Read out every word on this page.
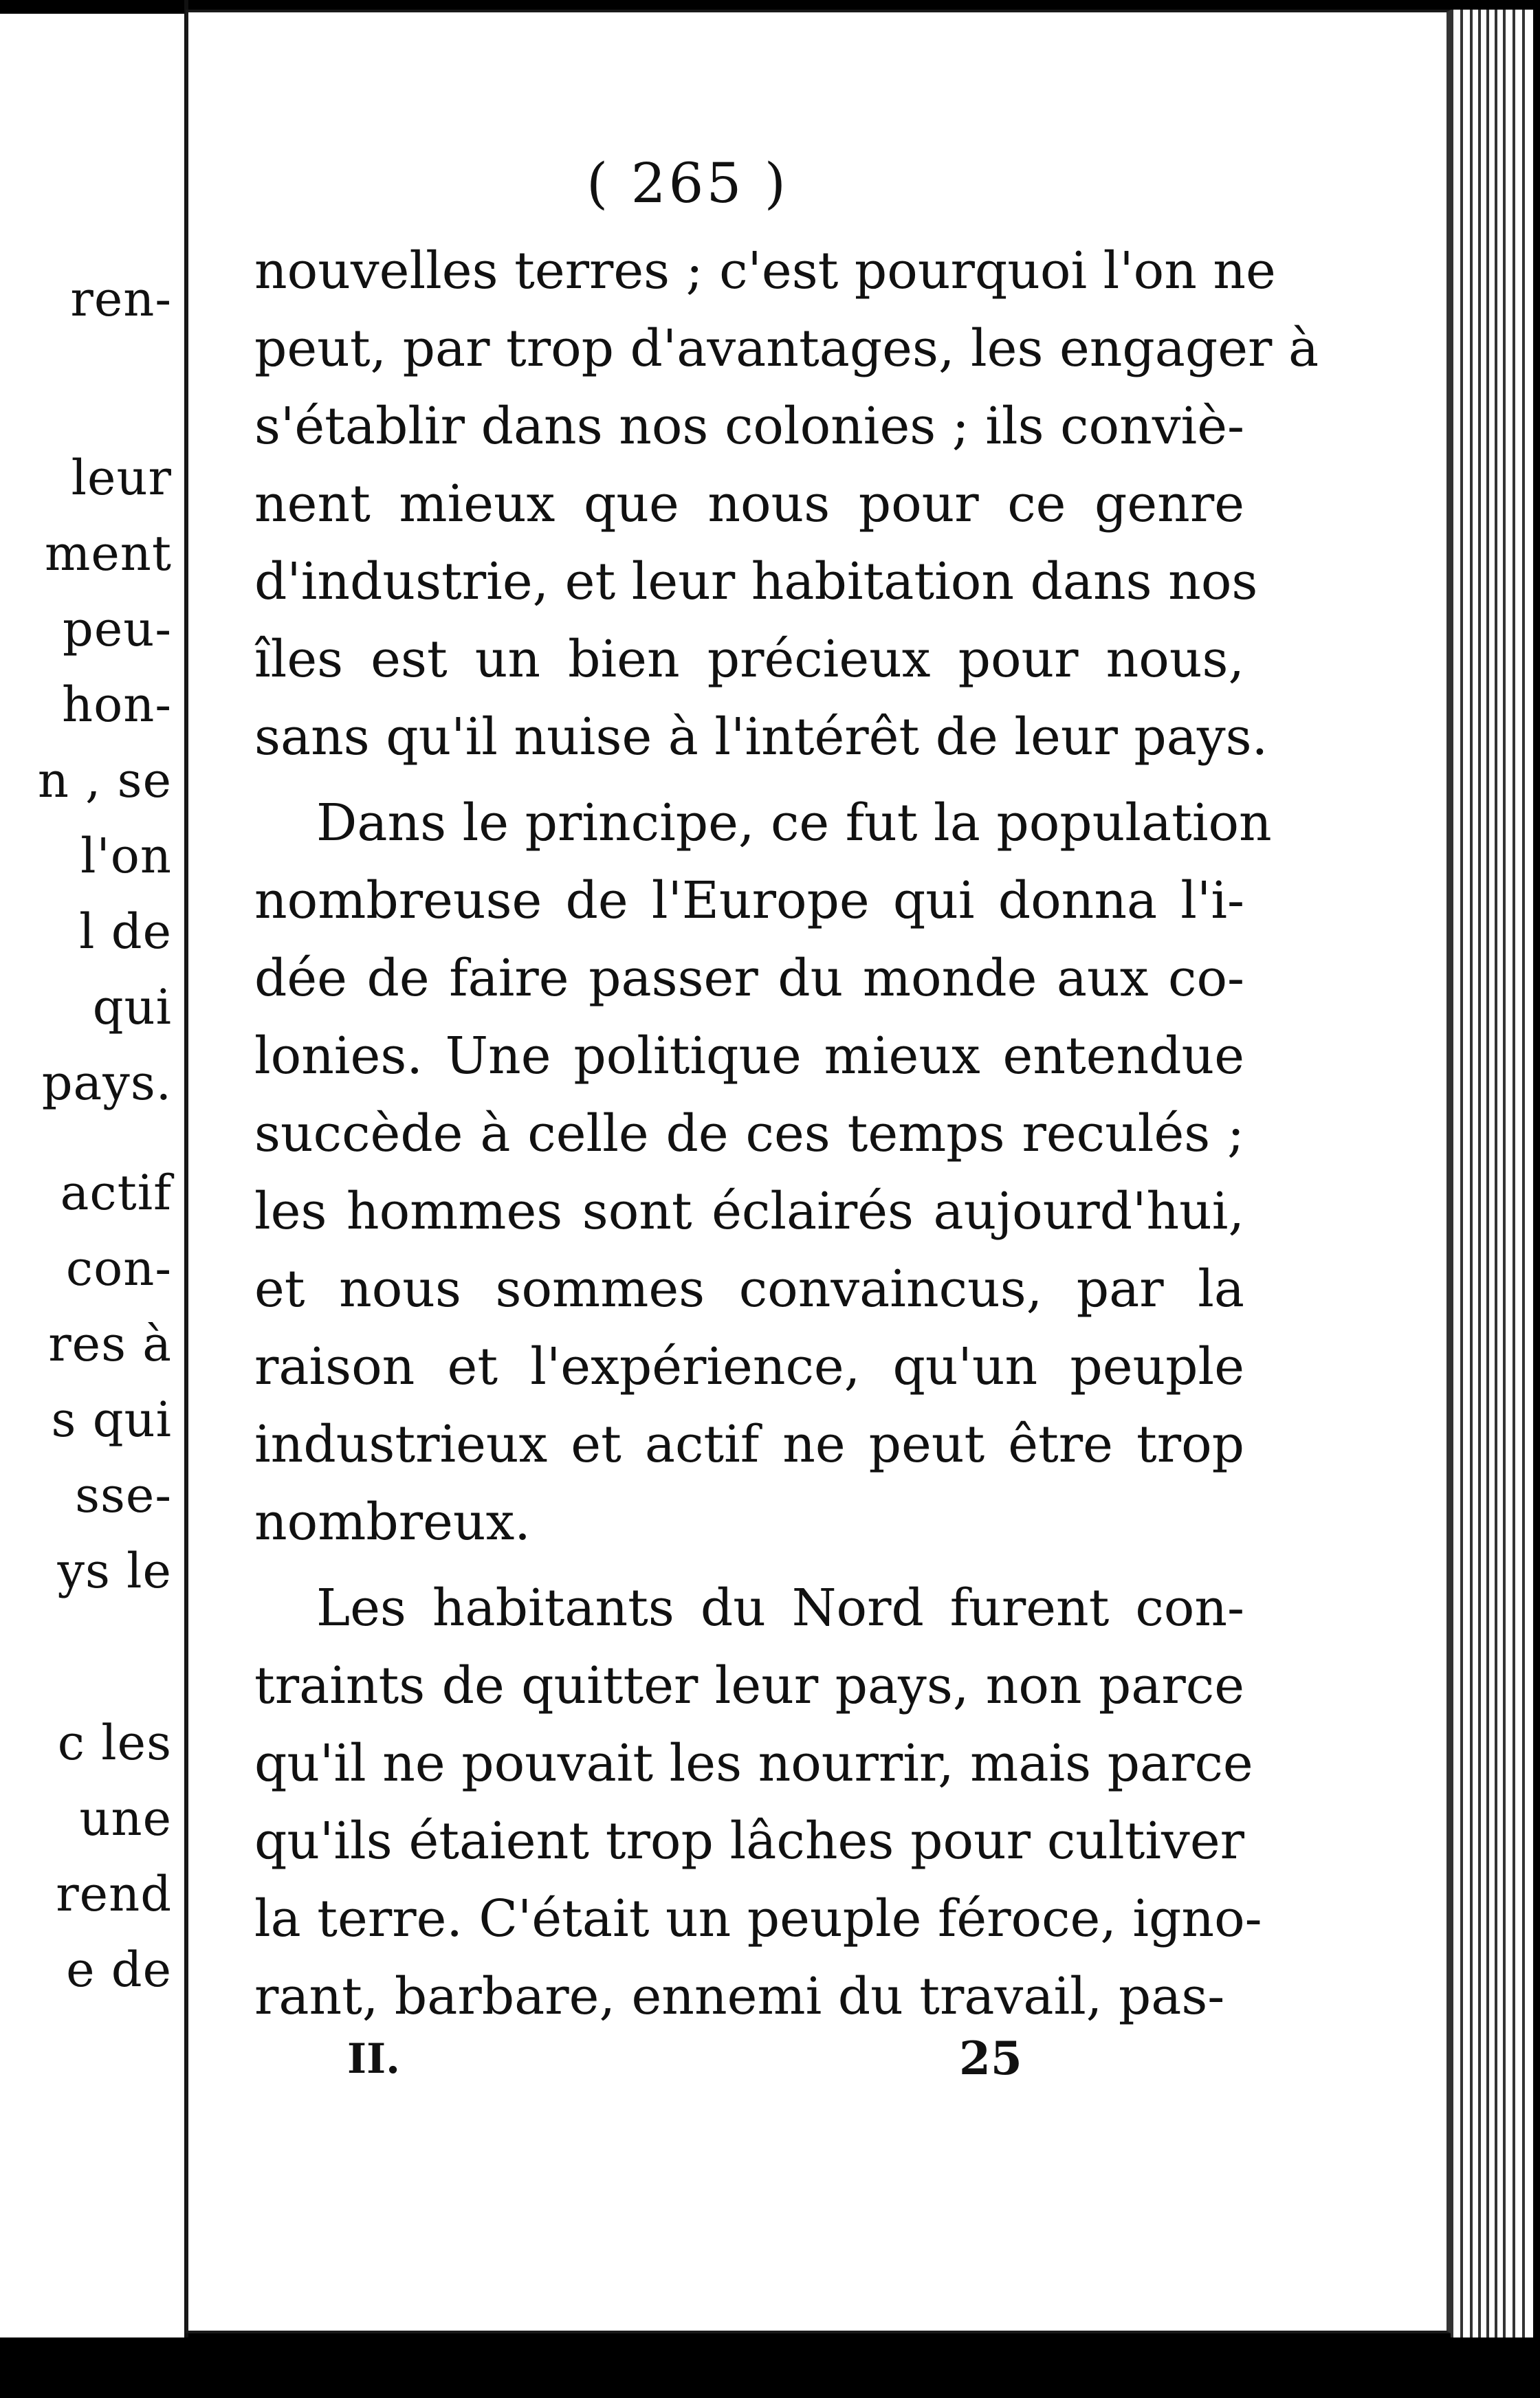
ren-
leur
ment
peu-
hon-
n , se
l'on
l de
qui
pays.
actif
con-
res à
s qui
sse-
ys le
c les
une
rend
e de
( 265 )
nouvelles terres ; c'est pourquoi l'on ne
peut, par trop d'avantages, les engager à
s'établir dans nos colonies ; ils conviè-
nent mieux que nous pour ce genre
d'industrie, et leur habitation dans nos
îles est un bien précieux pour nous,
sans qu'il nuise à l'intérêt de leur pays.
Dans le principe, ce fut la population
nombreuse de l'Europe qui donna l'i-
dée de faire passer du monde aux co-
lonies. Une politique mieux entendue
succède à celle de ces temps reculés ;
les hommes sont éclairés aujourd'hui,
et nous sommes convaincus, par la
raison et l'expérience, qu'un peuple
industrieux et actif ne peut être trop
nombreux.
Les habitants du Nord furent con-
traints de quitter leur pays, non parce
qu'il ne pouvait les nourrir, mais parce
qu'ils étaient trop lâches pour cultiver
la terre. C'était un peuple féroce, igno-
rant, barbare, ennemi du travail, pas-
II.	25
